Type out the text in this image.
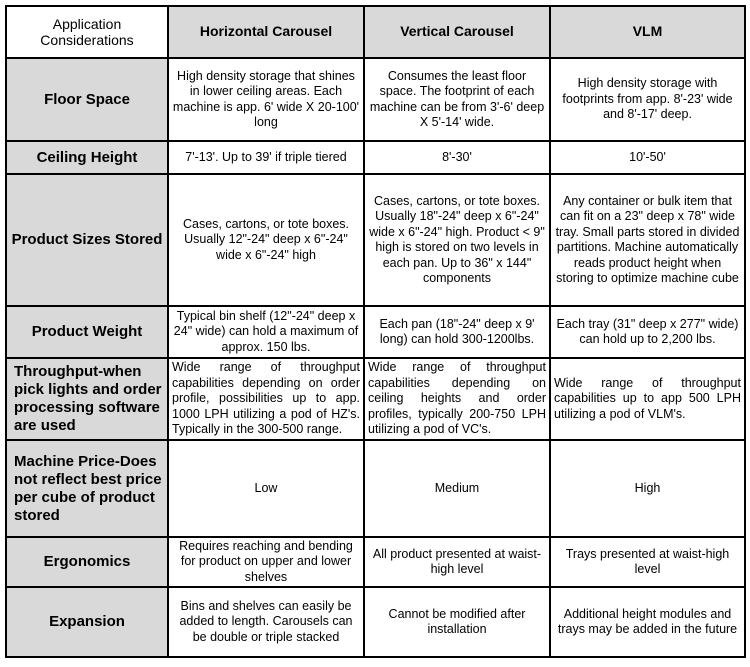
Application Considerations	Horizontal Carousel	Vertical Carousel	VLM
Floor Space	High density storage that shines in lower ceiling areas. Each machine is app. 6' wide X 20-100' long	Consumes the least floor space. The footprint of each machine can be from 3'-6' deep X 5'-14' wide.	High density storage with footprints from app. 8'-23' wide and 8'-17' deep.
Ceiling Height	7'-13'. Up to 39' if triple tiered	8'-30'	10'-50'
Product Sizes Stored	Cases, cartons, or tote boxes. Usually 12"-24" deep x 6"-24" wide x 6"-24" high	Cases, cartons, or tote boxes. Usually 18"-24" deep x 6"-24" wide x 6"-24" high. Product < 9" high is stored on two levels in each pan. Up to 36" x 144" components	Any container or bulk item that can fit on a 23" deep x 78" wide tray. Small parts stored in divided partitions. Machine automatically reads product height when storing to optimize machine cube
Product Weight	Typical bin shelf (12"-24" deep x 24" wide) can hold a maximum of approx. 150 lbs.	Each pan (18"-24" deep x 9' long) can hold 300-1200lbs.	Each tray (31" deep x 277" wide) can hold up to 2,200 lbs.
Throughput-when pick lights and order processing software are used	Wide range of throughput capabilities depending on order profile, possibilities up to app. 1000 LPH utilizing a pod of HZ's. Typically in the 300-500 range.	Wide range of throughput capabilities depending on ceiling heights and order profiles, typically 200-750 LPH utilizing a pod of VC's.	Wide range of throughput capabilities up to app 500 LPH utilizing a pod of VLM's.
Machine Price-Does not reflect best price per cube of product stored	Low	Medium	High
Ergonomics	Requires reaching and bending for product on upper and lower shelves	All product presented at waist-high level	Trays presented at waist-high level
Expansion	Bins and shelves can easily be added to length. Carousels can be double or triple stacked	Cannot be modified after installation	Additional height modules and trays may be added in the future
